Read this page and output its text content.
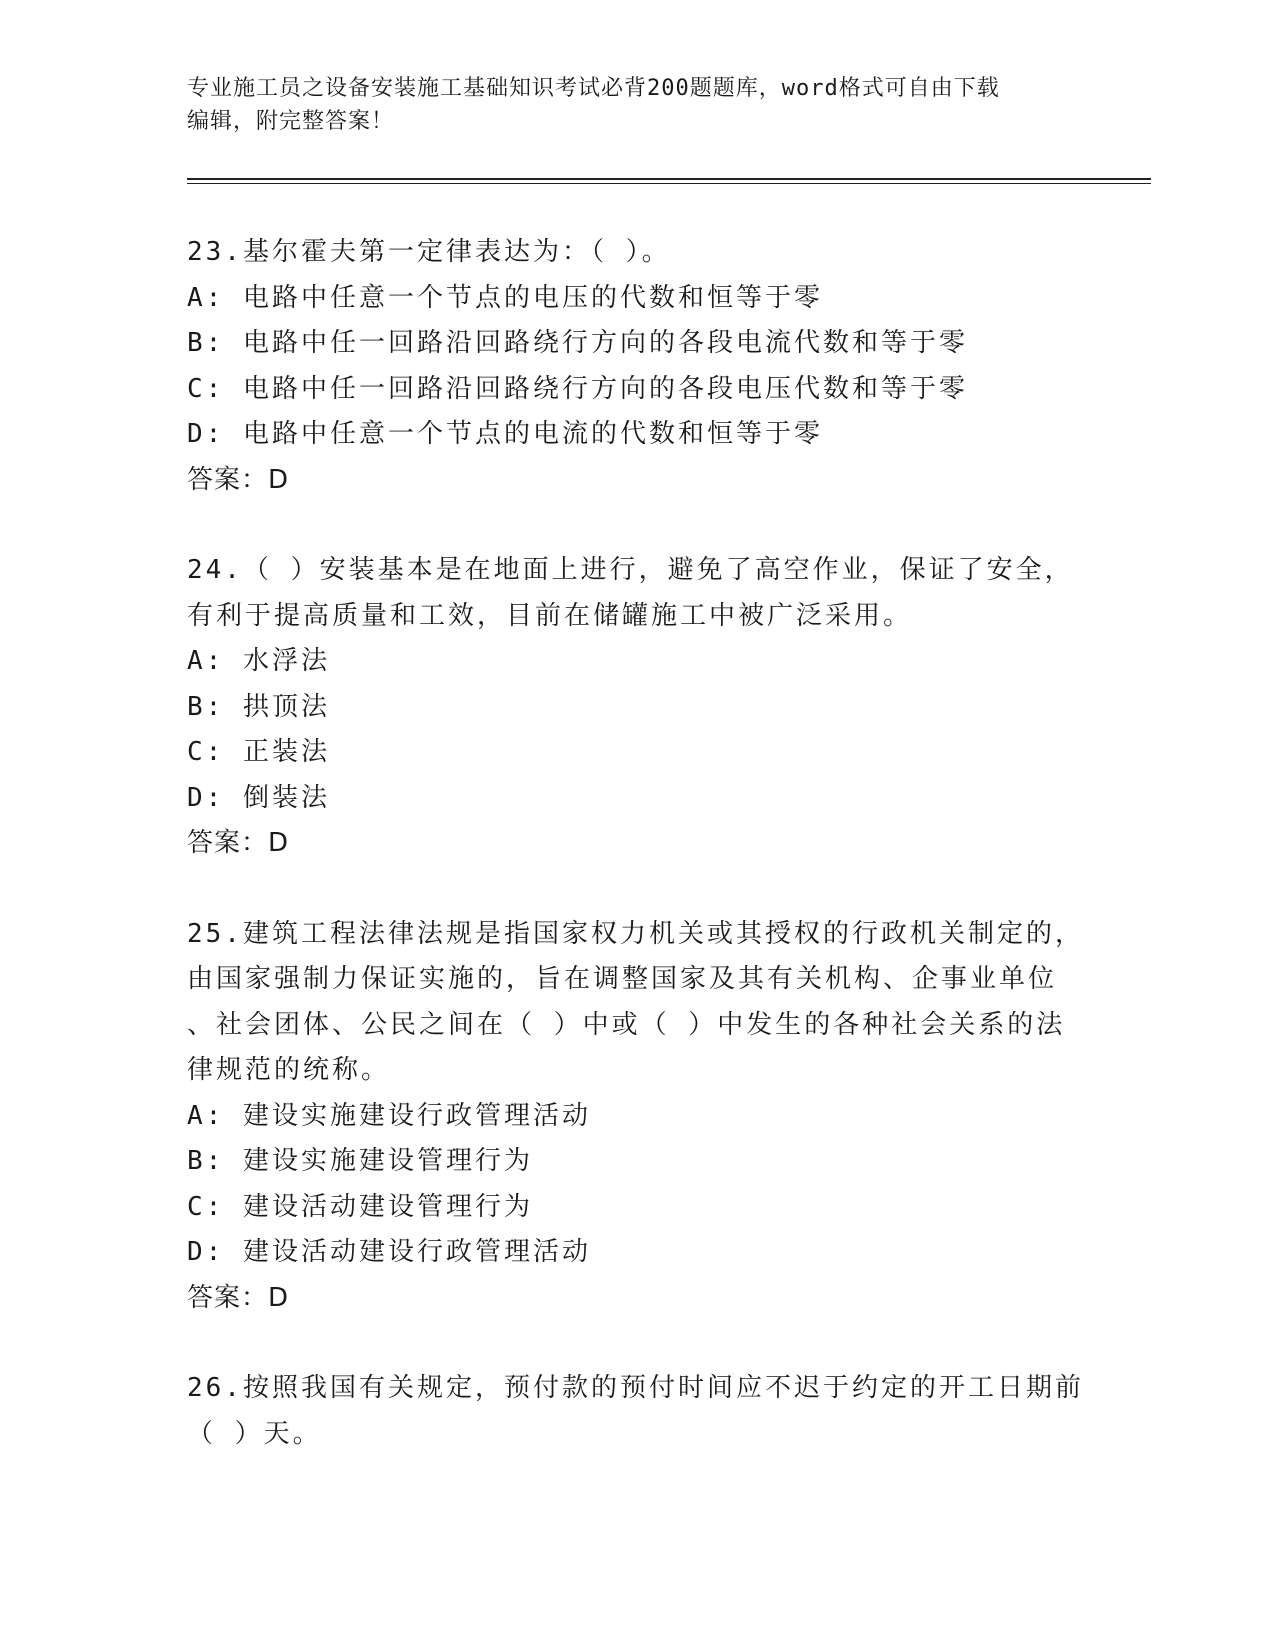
专业施工员之设备安装施工基础知识考试必背200题题库，word格式可自由下载
编辑，附完整答案！
23.基尔霍夫第一定律表达为：（ ）。
A: 电路中任意一个节点的电压的代数和恒等于零
B: 电路中任一回路沿回路绕行方向的各段电流代数和等于零
C: 电路中任一回路沿回路绕行方向的各段电压代数和等于零
D: 电路中任意一个节点的电流的代数和恒等于零
答案：D
24.（ ）安装基本是在地面上进行，避免了高空作业，保证了安全，
有利于提高质量和工效，目前在储罐施工中被广泛采用。
A: 水浮法
B: 拱顶法
C: 正装法
D: 倒装法
答案：D
25.建筑工程法律法规是指国家权力机关或其授权的行政机关制定的，
由国家强制力保证实施的，旨在调整国家及其有关机构、企事业单位
、社会团体、公民之间在（ ）中或（ ）中发生的各种社会关系的法
律规范的统称。
A: 建设实施建设行政管理活动
B: 建设实施建设管理行为
C: 建设活动建设管理行为
D: 建设活动建设行政管理活动
答案：D
26.按照我国有关规定，预付款的预付时间应不迟于约定的开工日期前
（ ）天。
